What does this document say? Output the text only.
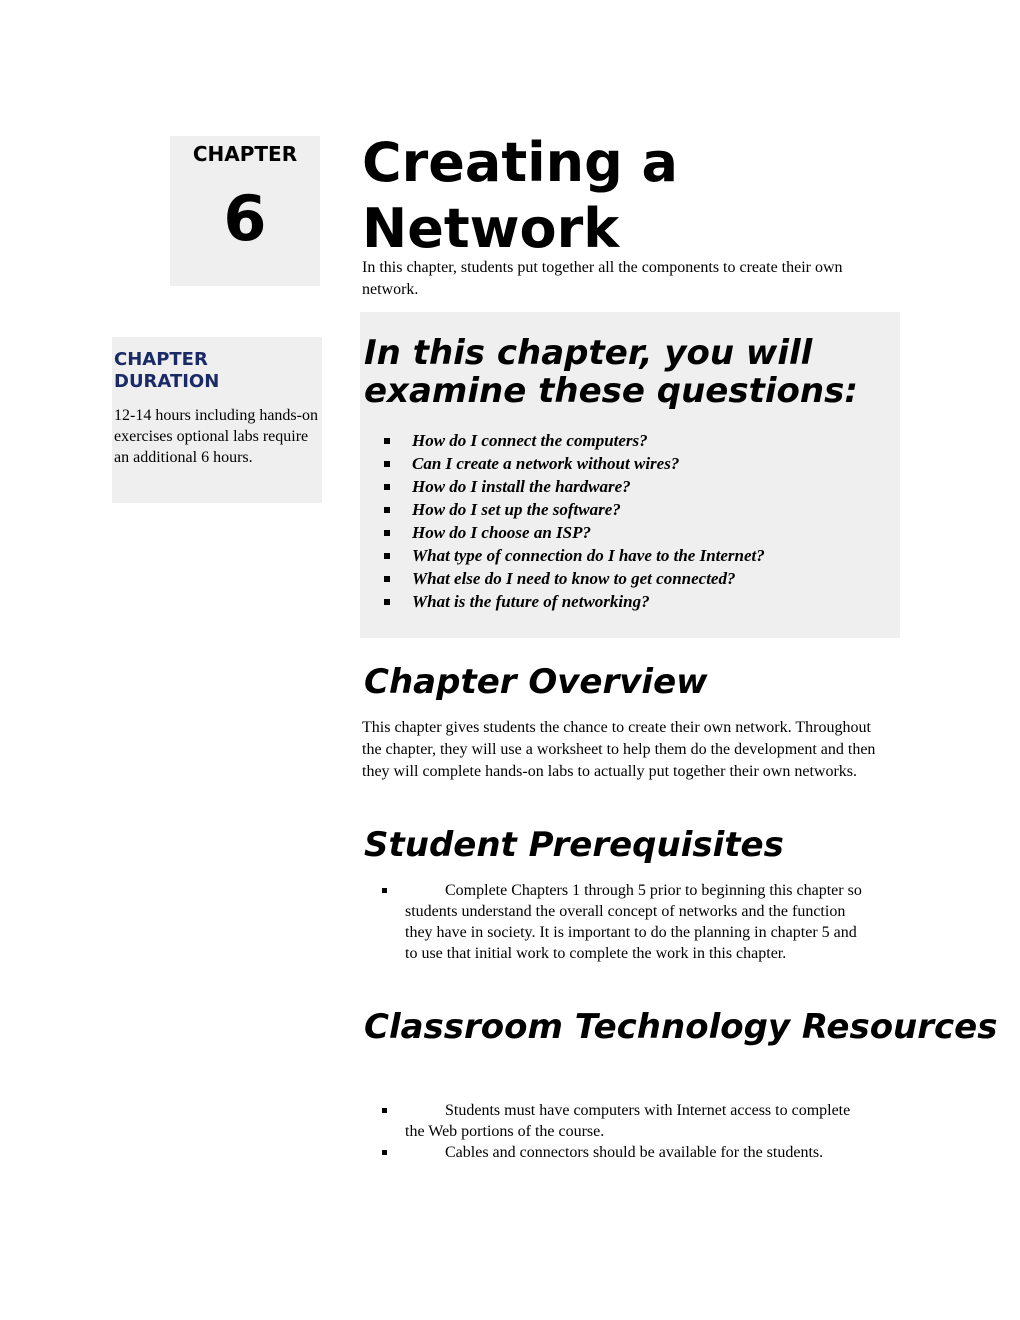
CHAPTER
6
Creating a
Network
In this chapter, students put together all the components to create their own network.
CHAPTER DURATION
12-14 hours including hands-on exercises optional labs require an additional 6 hours.
In this chapter, you will examine these questions:
How do I connect the computers?
Can I create a network without wires?
How do I install the hardware?
How do I set up the software?
How do I choose an ISP?
What type of connection do I have to the Internet?
What else do I need to know to get connected?
What is the future of networking?
Chapter Overview
This chapter gives students the chance to create their own network. Throughout the chapter, they will use a worksheet to help them do the development and then they will complete hands-on labs to actually put together their own networks.
Student Prerequisites
Complete Chapters 1 through 5 prior to beginning this chapter so students understand the overall concept of networks and the function they have in society. It is important to do the planning in chapter 5 and to use that initial work to complete the work in this chapter.
Classroom Technology Resources
Students must have computers with Internet access to complete the Web portions of the course.
Cables and connectors should be available for the students.
